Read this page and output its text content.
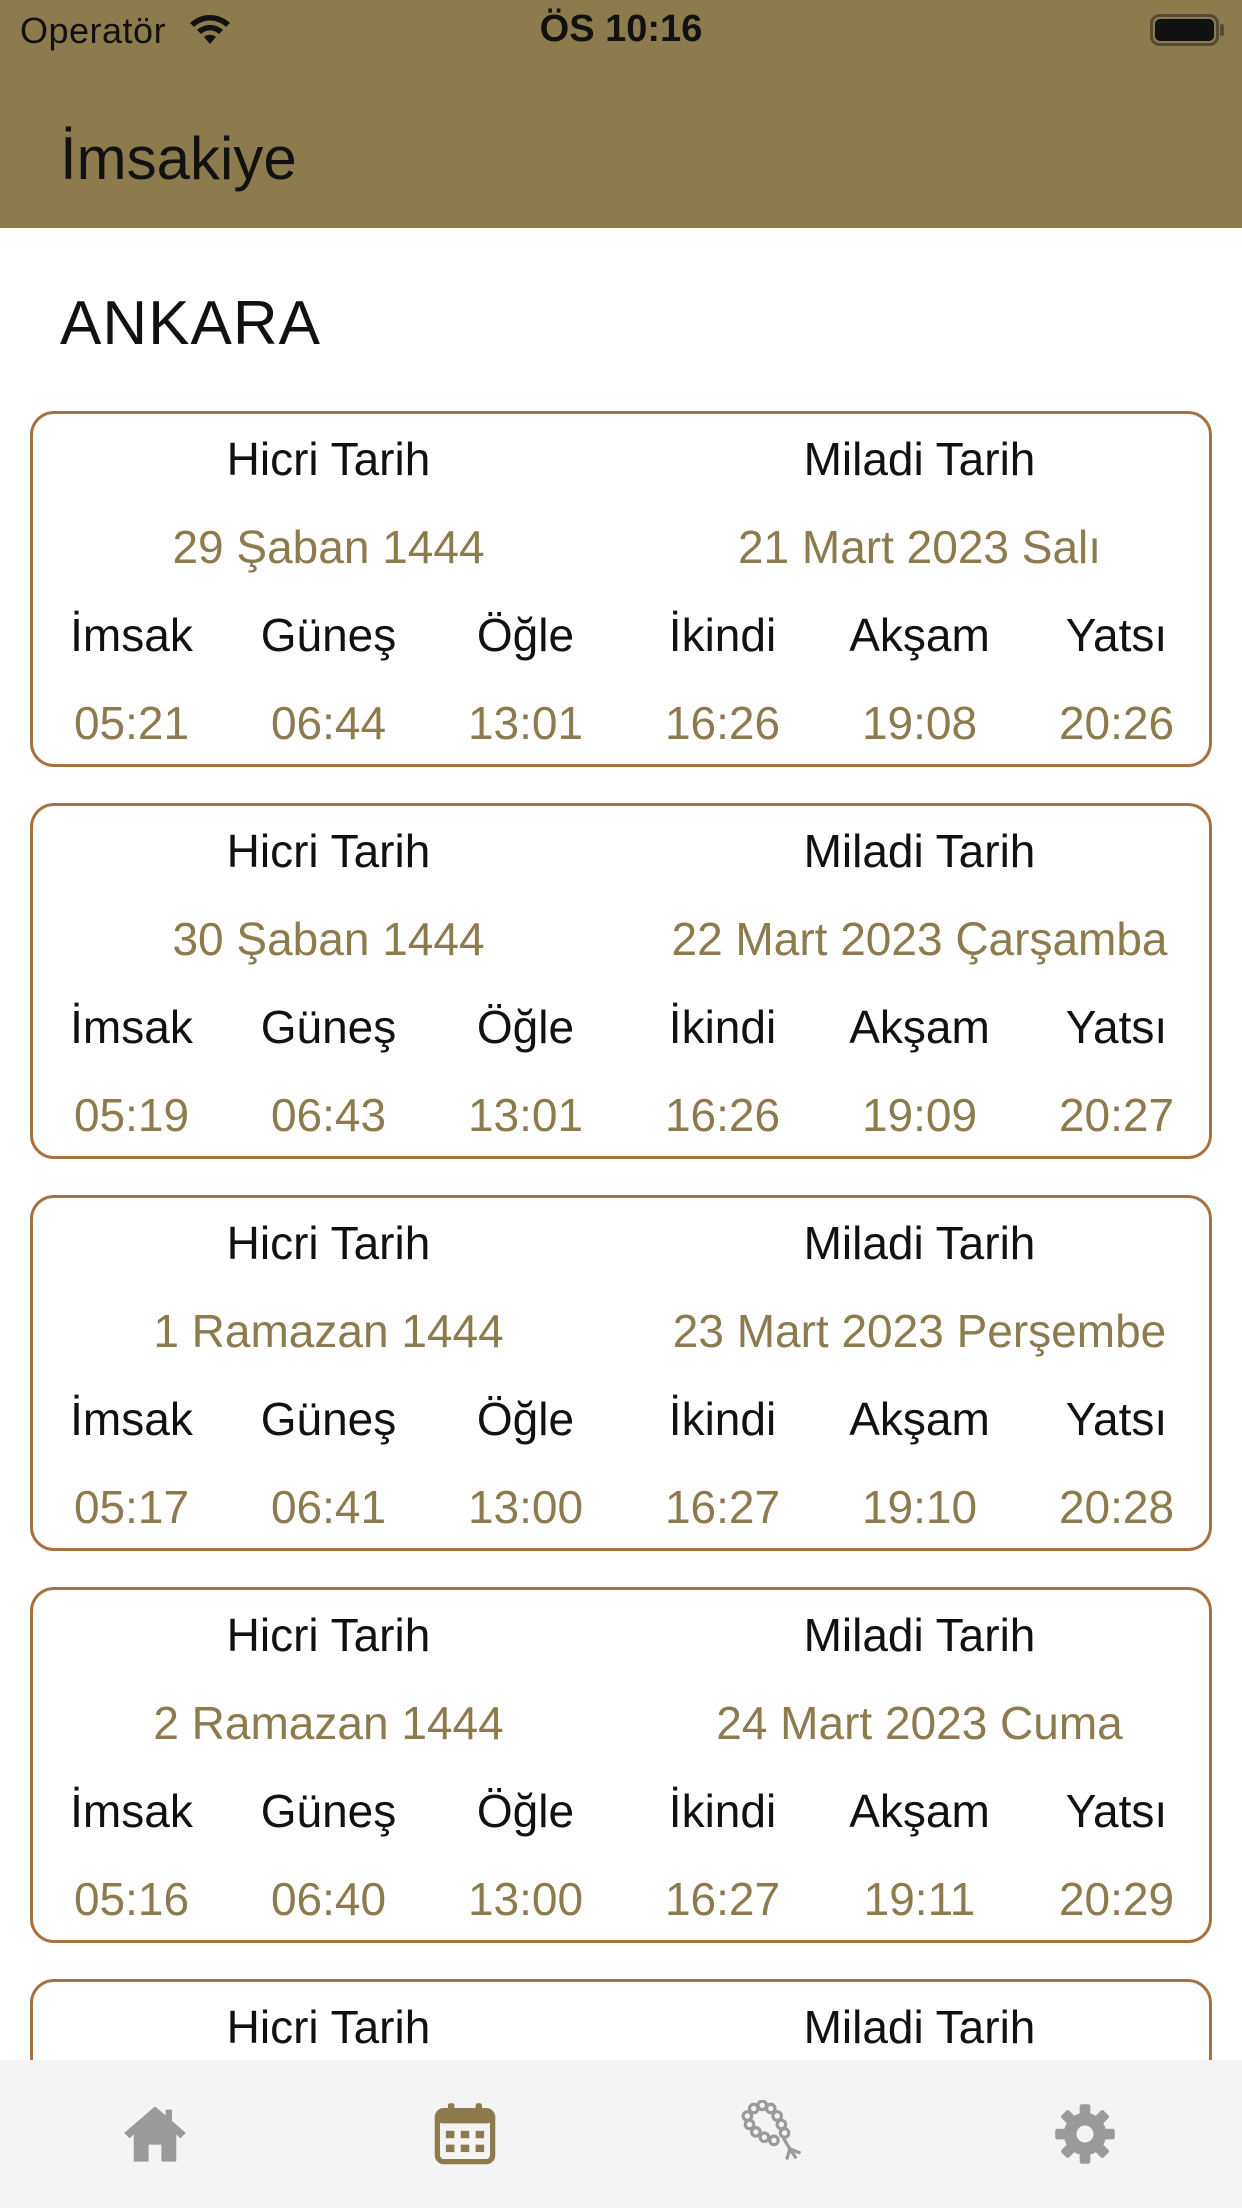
Operatör	ÖS 10:16
İmsakiye
ANKARA
Hicri Tarih	Miladi Tarih
29 Şaban 1444	21 Mart 2023 Salı
İmsak	Güneş	Öğle	İkindi	Akşam	Yatsı
05:21	06:44	13:01	16:26	19:08	20:26
Hicri Tarih	Miladi Tarih
30 Şaban 1444	22 Mart 2023 Çarşamba
İmsak	Güneş	Öğle	İkindi	Akşam	Yatsı
05:19	06:43	13:01	16:26	19:09	20:27
Hicri Tarih	Miladi Tarih
1 Ramazan 1444	23 Mart 2023 Perşembe
İmsak	Güneş	Öğle	İkindi	Akşam	Yatsı
05:17	06:41	13:00	16:27	19:10	20:28
Hicri Tarih	Miladi Tarih
2 Ramazan 1444	24 Mart 2023 Cuma
İmsak	Güneş	Öğle	İkindi	Akşam	Yatsı
05:16	06:40	13:00	16:27	19:11	20:29
Hicri Tarih	Miladi Tarih
